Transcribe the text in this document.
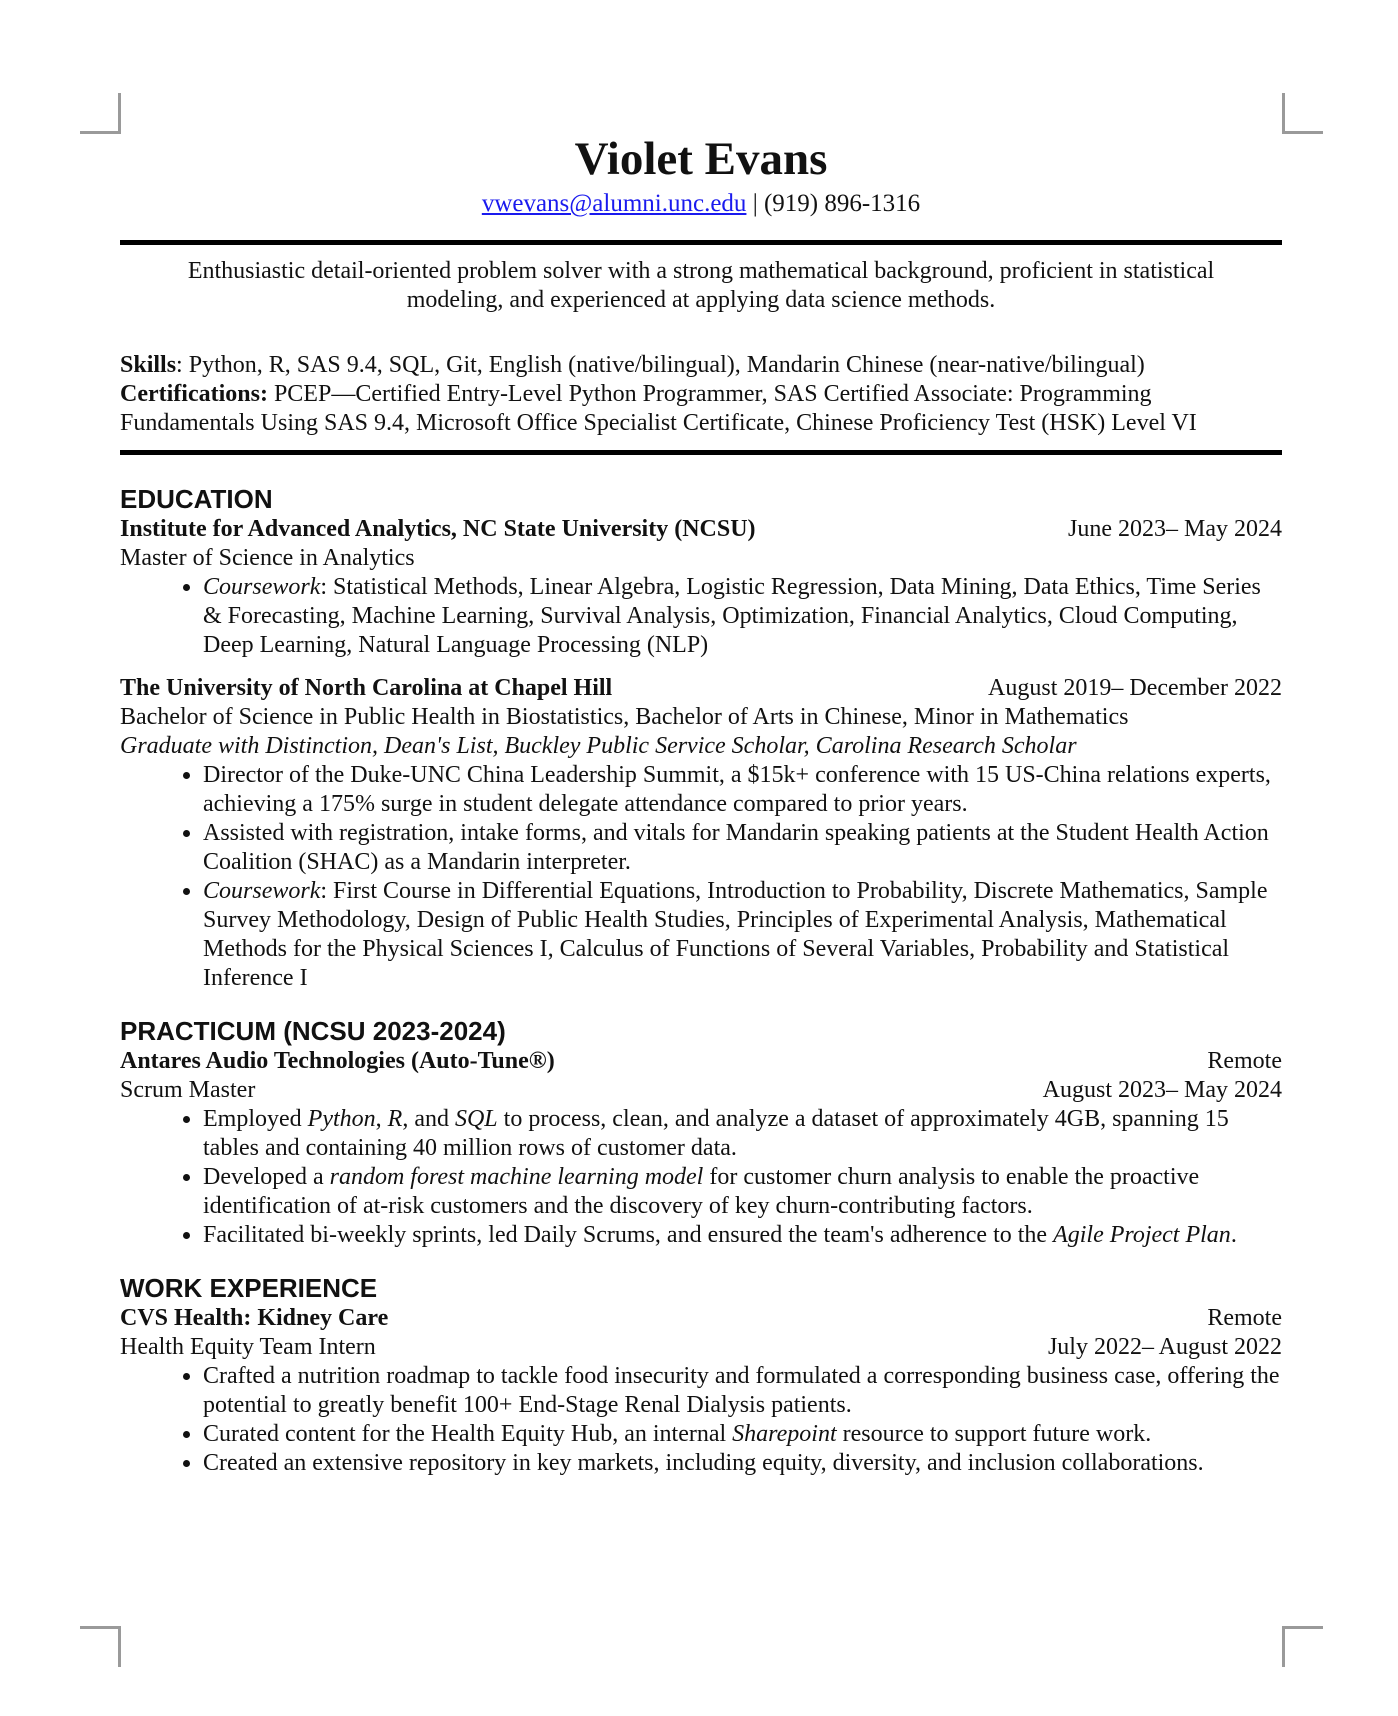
Violet Evans
vwevans@alumni.unc.edu | (919) 896-1316
Enthusiastic detail-oriented problem solver with a strong mathematical background, proficient in statistical modeling, and experienced at applying data science methods.
Skills: Python, R, SAS 9.4, SQL, Git, English (native/bilingual), Mandarin Chinese (near-native/bilingual)
Certifications: PCEP—Certified Entry-Level Python Programmer, SAS Certified Associate: Programming Fundamentals Using SAS 9.4, Microsoft Office Specialist Certificate, Chinese Proficiency Test (HSK) Level VI
EDUCATION
Institute for Advanced Analytics, NC State University (NCSU)	June 2023– May 2024
Master of Science in Analytics
• Coursework: Statistical Methods, Linear Algebra, Logistic Regression, Data Mining, Data Ethics, Time Series & Forecasting, Machine Learning, Survival Analysis, Optimization, Financial Analytics, Cloud Computing, Deep Learning, Natural Language Processing (NLP)
The University of North Carolina at Chapel Hill	August 2019– December 2022
Bachelor of Science in Public Health in Biostatistics, Bachelor of Arts in Chinese, Minor in Mathematics
Graduate with Distinction, Dean's List, Buckley Public Service Scholar, Carolina Research Scholar
• Director of the Duke-UNC China Leadership Summit, a $15k+ conference with 15 US-China relations experts, achieving a 175% surge in student delegate attendance compared to prior years.
• Assisted with registration, intake forms, and vitals for Mandarin speaking patients at the Student Health Action Coalition (SHAC) as a Mandarin interpreter.
• Coursework: First Course in Differential Equations, Introduction to Probability, Discrete Mathematics, Sample Survey Methodology, Design of Public Health Studies, Principles of Experimental Analysis, Mathematical Methods for the Physical Sciences I, Calculus of Functions of Several Variables, Probability and Statistical Inference I
PRACTICUM (NCSU 2023-2024)
Antares Audio Technologies (Auto-Tune®)	Remote
Scrum Master	August 2023– May 2024
• Employed Python, R, and SQL to process, clean, and analyze a dataset of approximately 4GB, spanning 15 tables and containing 40 million rows of customer data.
• Developed a random forest machine learning model for customer churn analysis to enable the proactive identification of at-risk customers and the discovery of key churn-contributing factors.
• Facilitated bi-weekly sprints, led Daily Scrums, and ensured the team's adherence to the Agile Project Plan.
WORK EXPERIENCE
CVS Health: Kidney Care	Remote
Health Equity Team Intern	July 2022– August 2022
• Crafted a nutrition roadmap to tackle food insecurity and formulated a corresponding business case, offering the potential to greatly benefit 100+ End-Stage Renal Dialysis patients.
• Curated content for the Health Equity Hub, an internal Sharepoint resource to support future work.
• Created an extensive repository in key markets, including equity, diversity, and inclusion collaborations.
